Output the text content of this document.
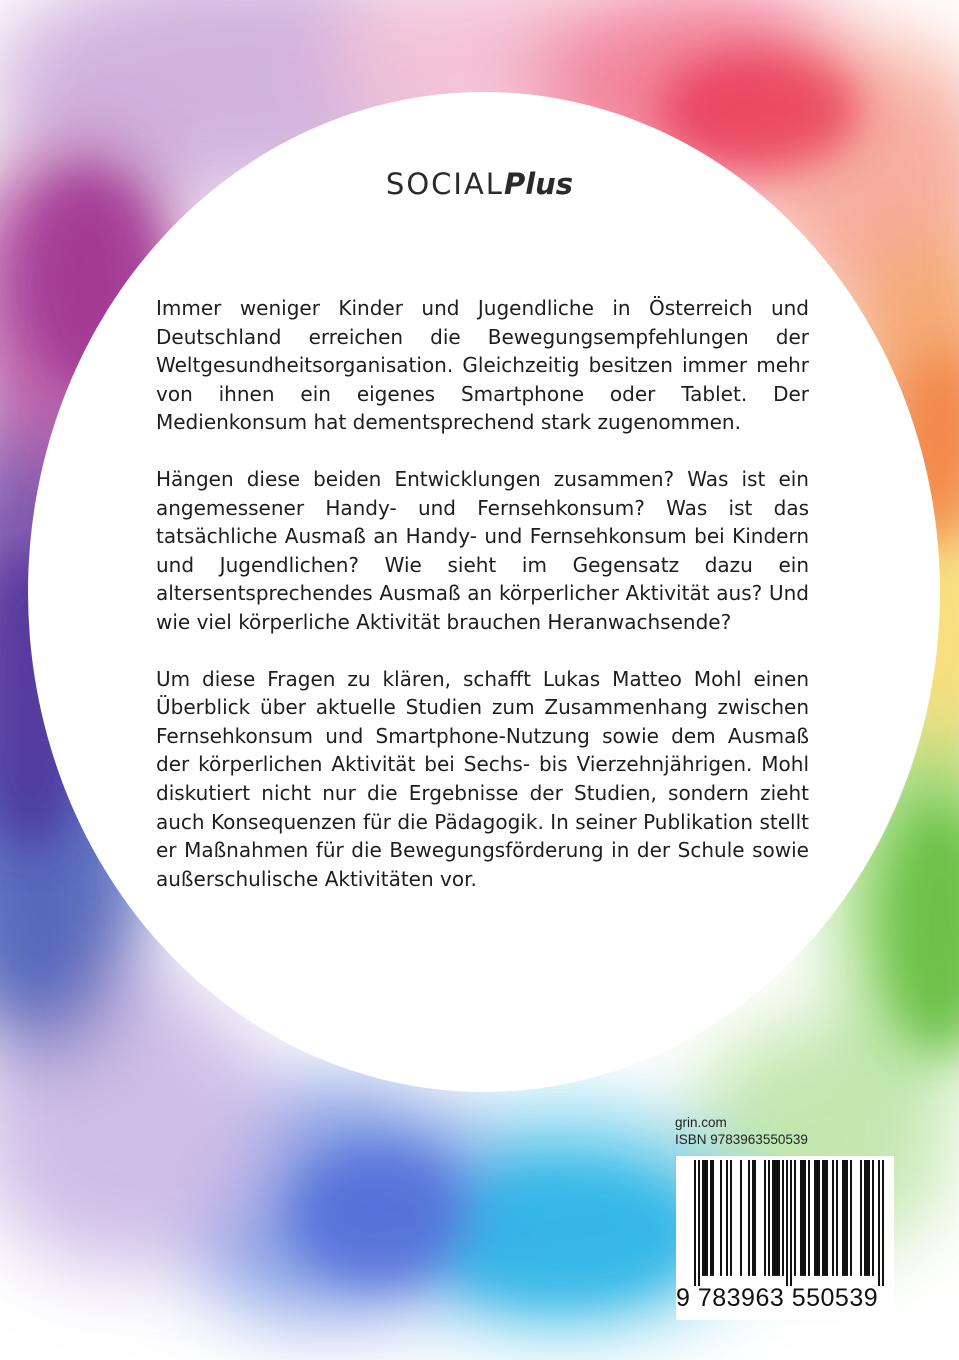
SOCIALPlus

Immer weniger Kinder und Jugendliche in Österreich und Deutschland erreichen die Bewegungsempfehlungen der Weltgesundheitsorganisation. Gleichzeitig besitzen immer mehr von ihnen ein eigenes Smartphone oder Tablet. Der Medienkonsum hat dementsprechend stark zugenommen.

Hängen diese beiden Entwicklungen zusammen? Was ist ein angemessener Handy- und Fernsehkonsum? Was ist das tatsächliche Ausmaß an Handy- und Fernsehkonsum bei Kindern und Jugendlichen? Wie sieht im Gegensatz dazu ein altersentsprechendes Ausmaß an körperlicher Aktivität aus? Und wie viel körperliche Aktivität brauchen Heranwachsende?

Um diese Fragen zu klären, schafft Lukas Matteo Mohl einen Überblick über aktuelle Studien zum Zusammenhang zwischen Fernsehkonsum und Smartphone-Nutzung sowie dem Ausmaß der körperlichen Aktivität bei Sechs- bis Vierzehnjährigen. Mohl diskutiert nicht nur die Ergebnisse der Studien, sondern zieht auch Konsequenzen für die Pädagogik. In seiner Publikation stellt er Maßnahmen für die Bewegungsförderung in der Schule sowie außerschulische Aktivitäten vor.

grin.com
ISBN 9783963550539
9 783963 550539
